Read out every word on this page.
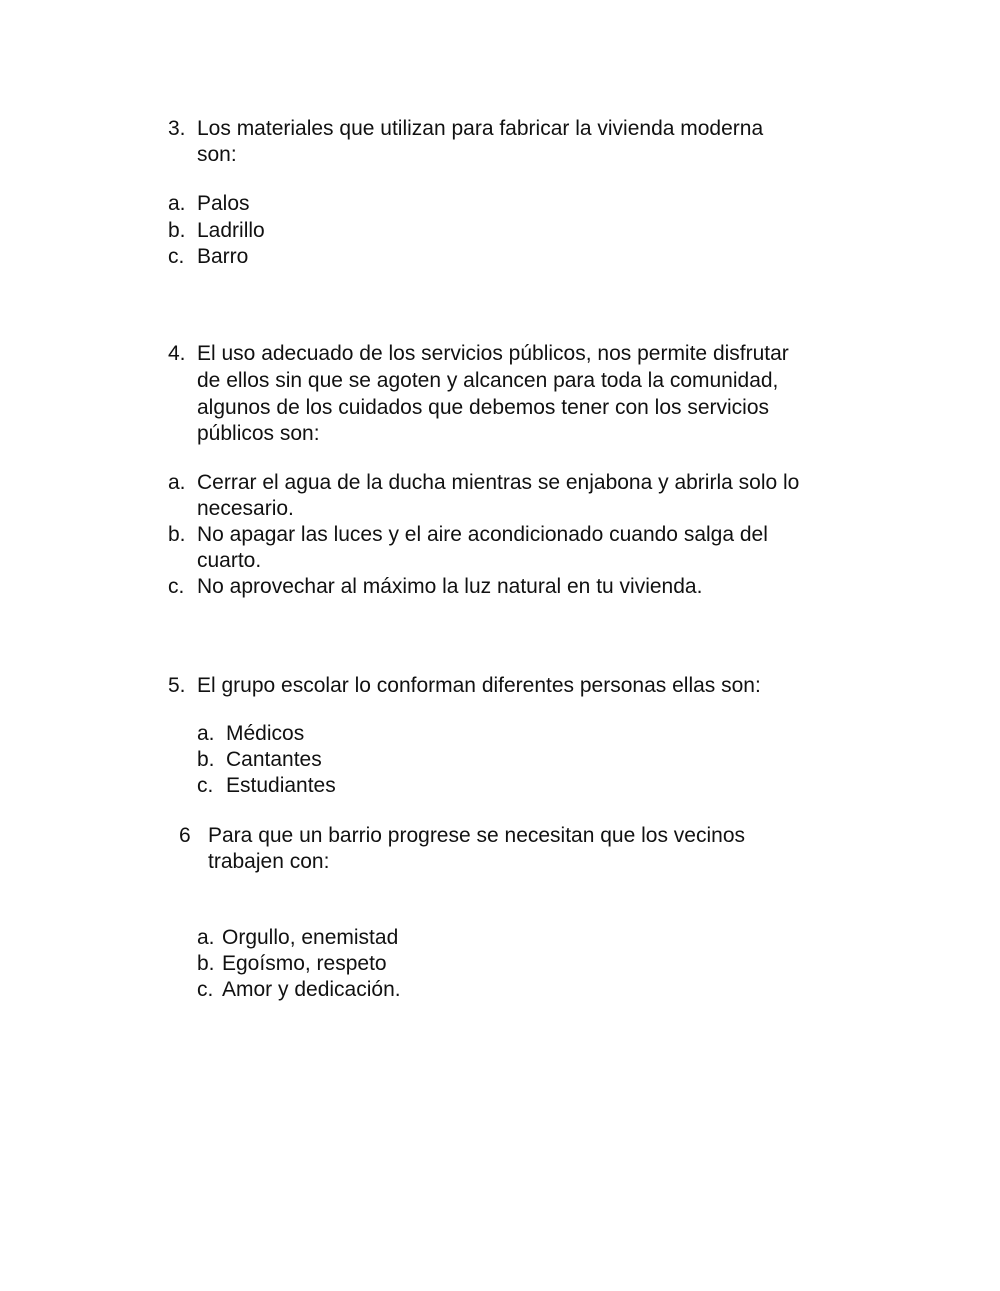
3. Los materiales que utilizan para fabricar la vivienda moderna
son:
a. Palos
b. Ladrillo
c. Barro
4. El uso adecuado de los servicios públicos, nos permite disfrutar
de ellos sin que se agoten y alcancen para toda la comunidad,
algunos de los cuidados que debemos tener con los servicios
públicos son:
a. Cerrar el agua de la ducha mientras se enjabona y abrirla solo lo
necesario.
b. No apagar las luces y el aire acondicionado cuando salga del
cuarto.
c. No aprovechar al máximo la luz natural en tu vivienda.
5. El grupo escolar lo conforman diferentes personas ellas son:
a. Médicos
b. Cantantes
c. Estudiantes
6 Para que un barrio progrese se necesitan que los vecinos
trabajen con:
a. Orgullo, enemistad
b. Egoísmo, respeto
c. Amor y dedicación.
